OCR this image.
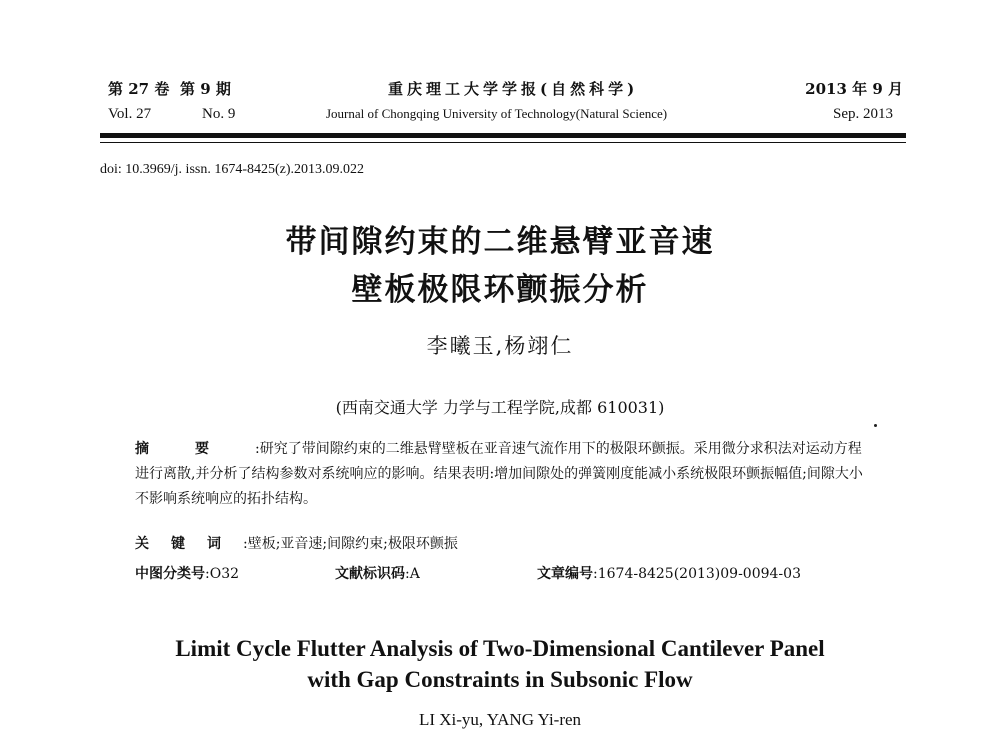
第 27 卷 第 9 期	重庆理工大学学报(自然科学)	2013 年 9 月
Vol. 27	No. 9	Journal of Chongqing University of Technology(Natural Science)	Sep. 2013
doi: 10.3969/j. issn. 1674-8425(z).2013.09.022
带间隙约束的二维悬臂亚音速
壁板极限环颤振分析
李曦玉,杨翊仁
(西南交通大学 力学与工程学院,成都 610031)
摘要:研究了带间隙约束的二维悬臂壁板在亚音速气流作用下的极限环颤振。采用微分求积法对运动方程进行离散,并分析了结构参数对系统响应的影响。结果表明:增加间隙处的弹簧刚度能减小系统极限环颤振幅值;间隙大小不影响系统响应的拓扑结构。
关键词:壁板;亚音速;间隙约束;极限环颤振
中图分类号:O32	文献标识码:A	文章编号:1674-8425(2013)09-0094-03
Limit Cycle Flutter Analysis of Two-Dimensional Cantilever Panel
with Gap Constraints in Subsonic Flow
LI Xi-yu, YANG Yi-ren
